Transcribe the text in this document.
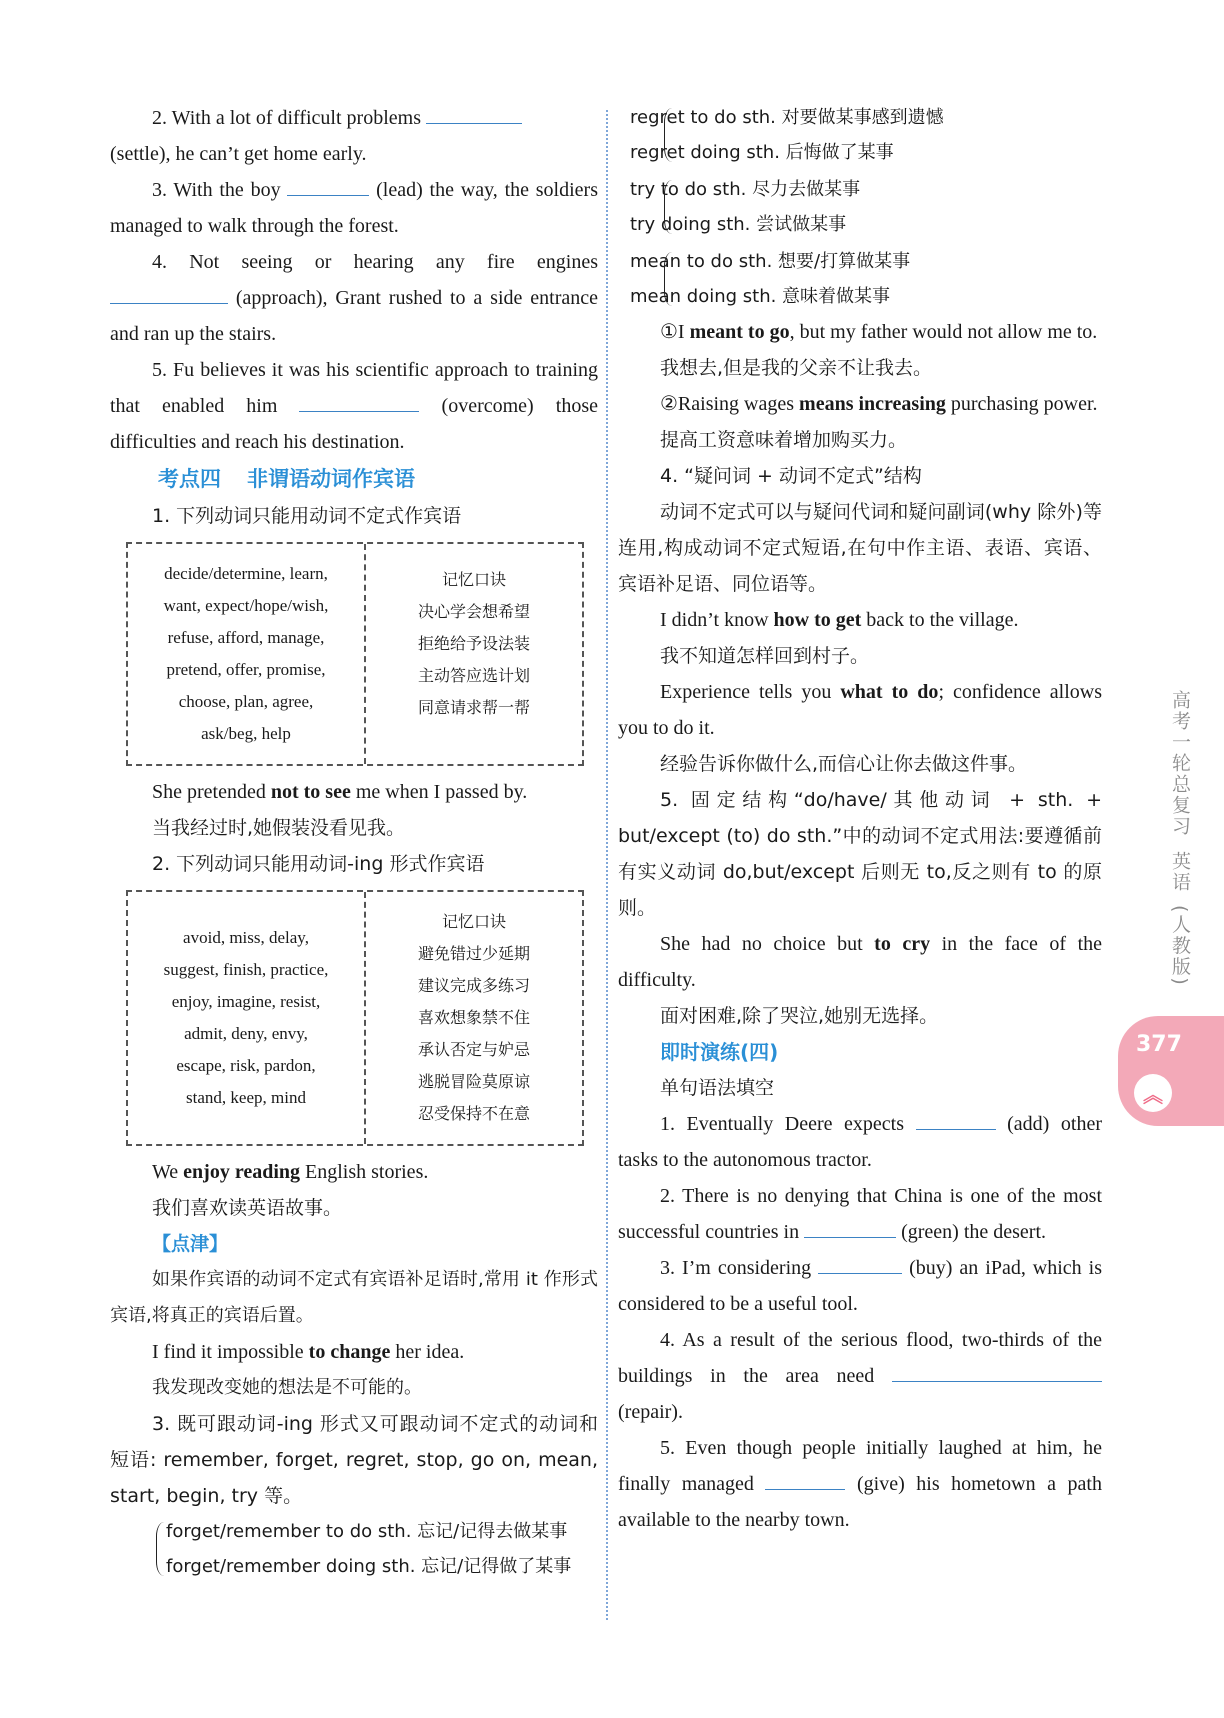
2. With a lot of difficult problems
(settle), he can’t get home early.

3. With the boy	(lead) the way, the soldiers managed to walk through the forest.

4. Not seeing or hearing any fire engines  (approach), Grant rushed to a side entrance and ran up the stairs.

5. Fu believes it was his scientific approach to training that enabled him	(overcome) those difficulties and reach his destination.

考点四 非谓语动词作宾语
1. 下列动词只能用动词不定式作宾语
decide/determine, learn,
want, expect/hope/wish,
refuse, afford, manage,
pretend, offer, promise,
choose, plan, agree,
ask/beg, help
记忆口诀
决心学会想希望
拒绝给予设法装
主动答应选计划
同意请求帮一帮
She pretended not to see me when I passed by.
当我经过时,她假装没看见我。
2. 下列动词只能用动词-ing 形式作宾语
avoid, miss, delay,
suggest, finish, practice,
enjoy, imagine, resist,
admit, deny, envy,
escape, risk, pardon,
stand, keep, mind
记忆口诀
避免错过少延期
建议完成多练习
喜欢想象禁不住
承认否定与妒忌
逃脱冒险莫原谅
忍受保持不在意
We enjoy reading English stories.
我们喜欢读英语故事。
【点津】

如果作宾语的动词不定式有宾语补足语时,常用 it 作形式宾语,将真正的宾语后置。

I find it impossible to change her idea.
我发现改变她的想法是不可能的。

3. 既可跟动词-ing 形式又可跟动词不定式的动词和短语: remember, forget, regret, stop, go on, mean, start, begin, try 等。

forget/remember to do sth. 忘记/记得去做某事
forget/remember doing sth. 忘记/记得做了某事
regret to do sth. 对要做某事感到遗憾
regret doing sth. 后悔做了某事
try to do sth. 尽力去做某事
try doing sth. 尝试做某事
mean to do sth. 想要/打算做某事
mean doing sth. 意味着做某事

①I meant to go, but my father would not allow me to.

我想去,但是我的父亲不让我去。
②Raising wages means increasing purchasing power.
提高工资意味着增加购买力。
4. “疑问词 + 动词不定式”结构

动词不定式可以与疑问代词和疑问副词(why 除外)等连用,构成动词不定式短语,在句中作主语、表语、宾语、宾语补足语、同位语等。

I didn’t know how to get back to the village.
我不知道怎样回到村子。

Experience tells you what to do; confidence allows you to do it.

经验告诉你做什么,而信心让你去做这件事。

5. 固定结构“do/have/其他动词 + sth. + but/except (to) do sth.”中的动词不定式用法:要遵循前有实义动词 do,but/except 后则无 to,反之则有 to 的原则。

She had no choice but to cry in the face of the difficulty.

面对困难,除了哭泣,她别无选择。
即时演练(四)
单句语法填空

1. Eventually Deere expects	(add) other tasks to the autonomous tractor.

2. There is no denying that China is one of the most successful countries in	(green) the desert.

3. I’m considering	(buy) an iPad, which is considered to be a useful tool.

4. As a result of the serious flood, two-thirds of the buildings in the area need  (repair).

5. Even though people initially laughed at him, he finally managed	(give) his hometown a path available to the nearby town.

高考一轮总复习英语(人教版)
377
︽
